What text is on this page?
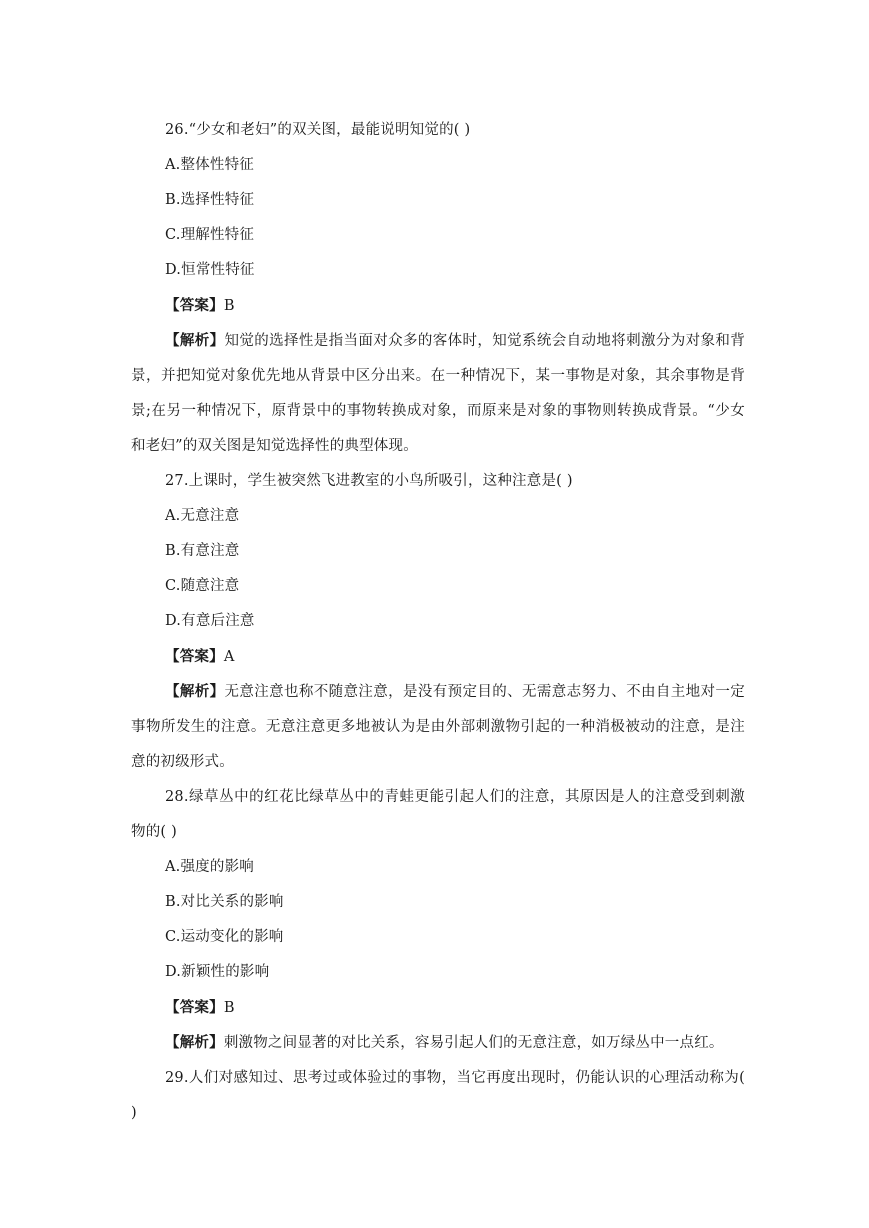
26.“少女和老妇”的双关图，最能说明知觉的( )
A.整体性特征
B.选择性特征
C.理解性特征
D.恒常性特征
【答案】B
【解析】知觉的选择性是指当面对众多的客体时，知觉系统会自动地将刺激分为对象和背景，并把知觉对象优先地从背景中区分出来。在一种情况下，某一事物是对象，其余事物是背景;在另一种情况下，原背景中的事物转换成对象，而原来是对象的事物则转换成背景。“少女和老妇”的双关图是知觉选择性的典型体现。
27.上课时，学生被突然飞进教室的小鸟所吸引，这种注意是( )
A.无意注意
B.有意注意
C.随意注意
D.有意后注意
【答案】A
【解析】无意注意也称不随意注意，是没有预定目的、无需意志努力、不由自主地对一定事物所发生的注意。无意注意更多地被认为是由外部刺激物引起的一种消极被动的注意，是注意的初级形式。
28.绿草丛中的红花比绿草丛中的青蛙更能引起人们的注意，其原因是人的注意受到刺激物的( )
A.强度的影响
B.对比关系的影响
C.运动变化的影响
D.新颖性的影响
【答案】B
【解析】刺激物之间显著的对比关系，容易引起人们的无意注意，如万绿丛中一点红。
29.人们对感知过、思考过或体验过的事物，当它再度出现时，仍能认识的心理活动称为( )
